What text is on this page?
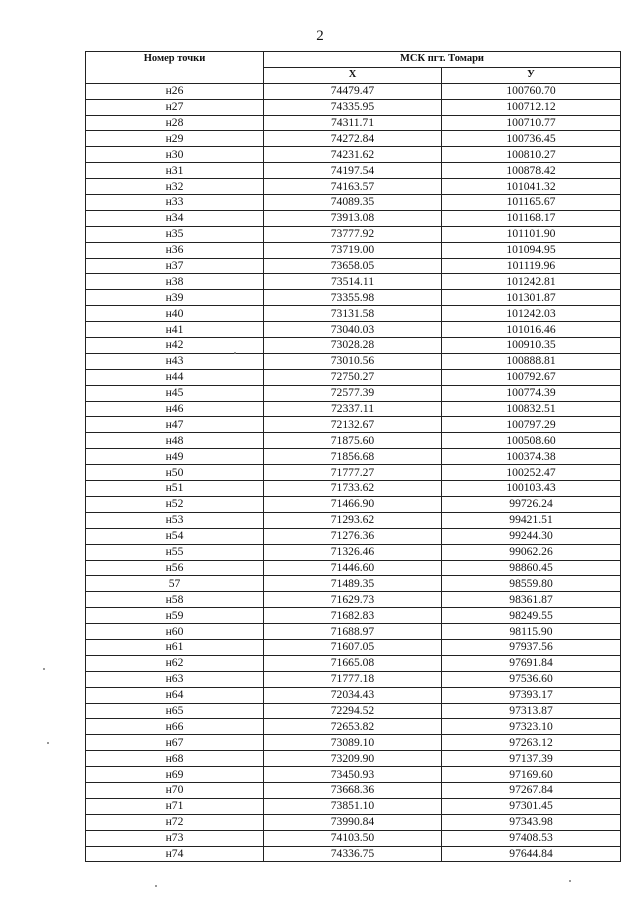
2
Номер точки	МСК пгт. Томари	
	X	У
н26	74479.47	100760.70
н27	74335.95	100712.12
н28	74311.71	100710.77
н29	74272.84	100736.45
н30	74231.62	100810.27
н31	74197.54	100878.42
н32	74163.57	101041.32
н33	74089.35	101165.67
н34	73913.08	101168.17
н35	73777.92	101101.90
н36	73719.00	101094.95
н37	73658.05	101119.96
н38	73514.11	101242.81
н39	73355.98	101301.87
н40	73131.58	101242.03
н41	73040.03	101016.46
н42	73028.28	100910.35
н43	73010.56	100888.81
н44	72750.27	100792.67
н45	72577.39	100774.39
н46	72337.11	100832.51
н47	72132.67	100797.29
н48	71875.60	100508.60
н49	71856.68	100374.38
н50	71777.27	100252.47
н51	71733.62	100103.43
н52	71466.90	99726.24
н53	71293.62	99421.51
н54	71276.36	99244.30
н55	71326.46	99062.26
н56	71446.60	98860.45
57	71489.35	98559.80
н58	71629.73	98361.87
н59	71682.83	98249.55
н60	71688.97	98115.90
н61	71607.05	97937.56
н62	71665.08	97691.84
н63	71777.18	97536.60
н64	72034.43	97393.17
н65	72294.52	97313.87
н66	72653.82	97323.10
н67	73089.10	97263.12
н68	73209.90	97137.39
н69	73450.93	97169.60
н70	73668.36	97267.84
н71	73851.10	97301.45
н72	73990.84	97343.98
н73	74103.50	97408.53
н74	74336.75	97644.84
